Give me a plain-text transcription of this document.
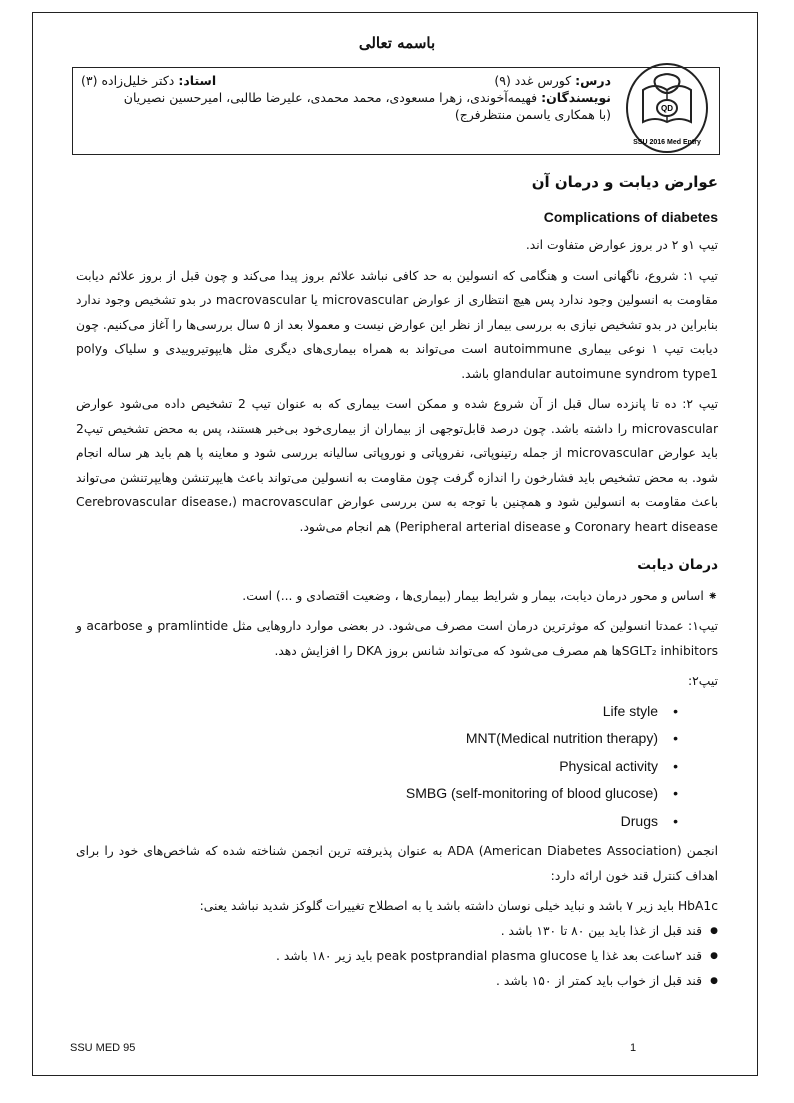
باسمه تعالی
QD
SSU 2016 Med Entry
درس: کورس غدد (۹)
استاد: دکتر خلیل‌زاده (۳)
نویسندگان: فهیمه‌آخوندی، زهرا مسعودی، محمد محمدی، علیرضا طالبی، امیرحسین نصیریان
(با همکاری یاسمن منتظرفرج)
عوارض دیابت و درمان آن
Complications of diabetes

تیپ ۱و ۲ در بروز عوارض متفاوت اند.

تیپ ۱: شروع، ناگهانی است و هنگامی که انسولین به حد کافی نباشد علائم بروز پیدا می‌کند و چون قبل از بروز علائم دیابت مقاومت به انسولین وجود ندارد پس هیچ انتظاری از عوارض microvascular یا macrovascular در بدو تشخیص وجود ندارد بنابراین در بدو تشخیص نیازی به بررسی بیمار از نظر این عوارض نیست و معمولا بعد از ۵ سال بررسی‌ها را آغاز می‌کنیم. چون دیابت تیپ ۱ نوعی بیماری autoimmune است می‌تواند به همراه بیماری‌های دیگری مثل هایپوتیروییدی و سلیاک وpoly glandular autoimune syndrom type1 باشد.

تیپ ۲: ده تا پانزده سال قبل از آن شروع شده و ممکن است بیماری که به عنوان تیپ 2 تشخیص داده می‌شود عوارض microvascular را داشته باشد. چون درصد قابل‌توجهی از بیماران از بیماری‌خود بی‌خبر هستند، پس به محض تشخیص تیپ2 باید عوارض microvascular از جمله رتینوپاتی، نفروپاتی و نوروپاتی سالیانه بررسی شود و معاینه پا هم باید هر ساله انجام شود. به محض تشخیص باید فشارخون را اندازه گرفت چون مقاومت به انسولین می‌تواند باعث هایپرتنشن وهایپرتنشن می‌تواند باعث مقاومت به انسولین شود و همچنین با توجه به سن بررسی عوارض macrovascular (Cerebrovascular disease، Coronary heart disease و Peripheral arterial disease) هم انجام می‌شود.

درمان دیابت

⁕ اساس و محور درمان دیابت، بیمار و شرایط بیمار (بیماری‌ها ، وضعیت اقتصادی و ...) است.

تیپ۱: عمدتا انسولین که موثرترین درمان است مصرف می‌شود. در بعضی موارد داروهایی مثل pramlintide و acarbose و SGLT₂ inhibitorsها هم مصرف می‌شود که می‌تواند شانس بروز DKA را افزایش دهد.

تیپ۲:

Life style •
MNT(Medical nutrition therapy) •
Physical activity •
SMBG (self-monitoring of blood glucose) •
Drugs •

انجمن ADA (American Diabetes Association) به عنوان پذیرفته ترین انجمن شناخته شده که شاخص‌های خود را برای اهداف کنترل قند خون ارائه دارد:

HbA1c باید زیر ۷ باشد و نباید خیلی نوسان داشته باشد یا به اصطلاح تغییرات گلوکز شدید نباشد یعنی:

● قند قبل از غذا باید بین ۸۰ تا ۱۳۰ باشد .
● قند ۲ساعت بعد غذا یا peak postprandial plasma glucose باید زیر ۱۸۰ باشد .
● قند قبل از خواب باید کمتر از ۱۵۰ باشد .
SSU MED 95	1
